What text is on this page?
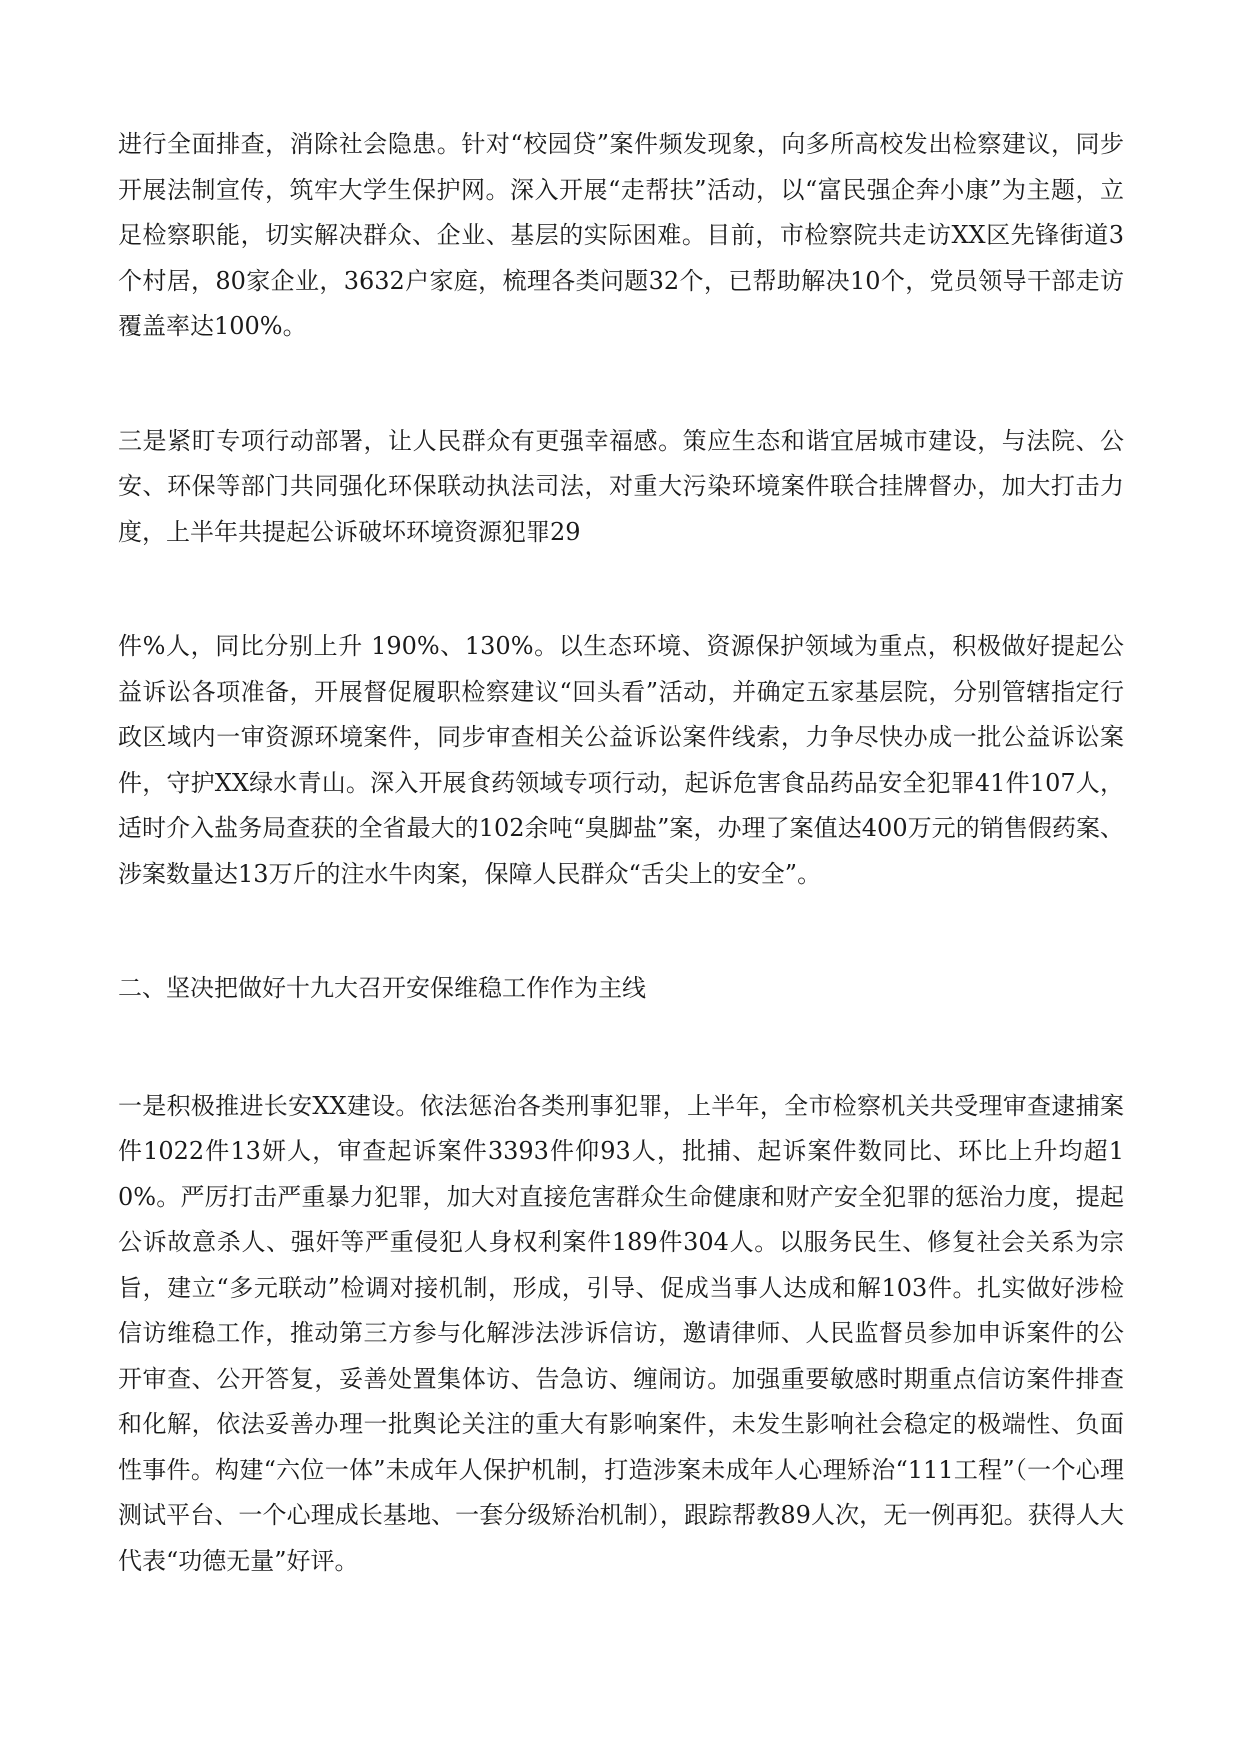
进行全面排查，消除社会隐患。针对“校园贷”案件频发现象，向多所高校发出检察建议，同步开展法制宣传，筑牢大学生保护网。深入开展“走帮扶”活动，以“富民强企奔小康”为主题，立足检察职能，切实解决群众、企业、基层的实际困难。目前，市检察院共走访XX区先锋街道3个村居，80家企业，3632户家庭，梳理各类问题32个，已帮助解决10个，党员领导干部走访覆盖率达100%。

三是紧盯专项行动部署，让人民群众有更强幸福感。策应生态和谐宜居城市建设，与法院、公安、环保等部门共同强化环保联动执法司法，对重大污染环境案件联合挂牌督办，加大打击力度，上半年共提起公诉破坏环境资源犯罪29

件%人，同比分别上升 190%、130%。以生态环境、资源保护领域为重点，积极做好提起公益诉讼各项准备，开展督促履职检察建议“回头看”活动，并确定五家基层院，分别管辖指定行政区域内一审资源环境案件，同步审查相关公益诉讼案件线索，力争尽快办成一批公益诉讼案件，守护XX绿水青山。深入开展食药领域专项行动，起诉危害食品药品安全犯罪41件107人，适时介入盐务局查获的全省最大的102余吨“臭脚盐”案，办理了案值达400万元的销售假药案、涉案数量达13万斤的注水牛肉案，保障人民群众“舌尖上的安全”。

二、坚决把做好十九大召开安保维稳工作作为主线

一是积极推进长安XX建设。依法惩治各类刑事犯罪，上半年，全市检察机关共受理审查逮捕案件1022件13妍人，审查起诉案件3393件仰93人，批捕、起诉案件数同比、环比上升均超10%。严厉打击严重暴力犯罪，加大对直接危害群众生命健康和财产安全犯罪的惩治力度，提起公诉故意杀人、强奸等严重侵犯人身权利案件189件304人。以服务民生、修复社会关系为宗旨，建立“多元联动”检调对接机制，形成，引导、促成当事人达成和解103件。扎实做好涉检信访维稳工作，推动第三方参与化解涉法涉诉信访，邀请律师、人民监督员参加申诉案件的公开审查、公开答复，妥善处置集体访、告急访、缠闹访。加强重要敏感时期重点信访案件排查和化解，依法妥善办理一批舆论关注的重大有影响案件，未发生影响社会稳定的极端性、负面性事件。构建“六位一体”未成年人保护机制，打造涉案未成年人心理矫治“111工程”（一个心理测试平台、一个心理成长基地、一套分级矫治机制），跟踪帮教89人次，无一例再犯。获得人大代表“功德无量”好评。
